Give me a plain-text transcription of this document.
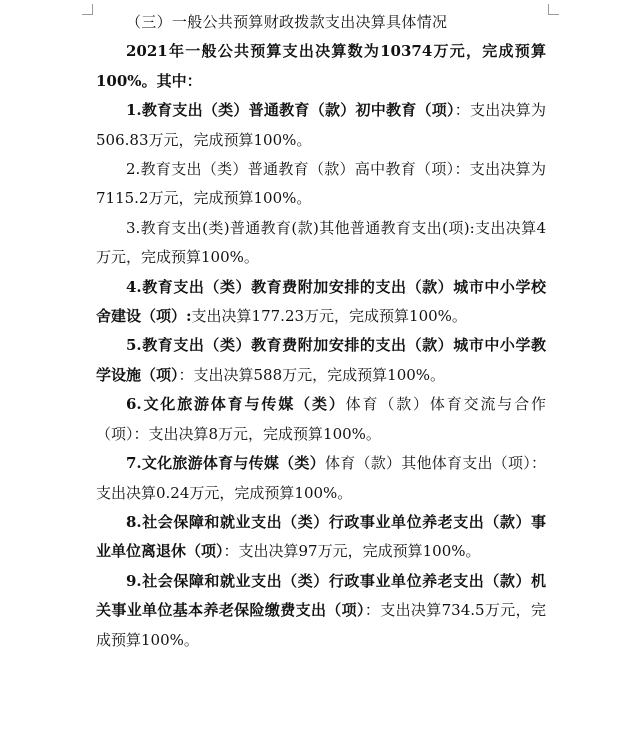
（三）一般公共预算财政拨款支出决算具体情况

2021年一般公共预算支出决算数为10374万元，完成预算100%。其中：

1.教育支出（类）普通教育（款）初中教育（项）：支出决算为506.83万元，完成预算100%。

2.教育支出（类）普通教育（款）高中教育（项）：支出决算为7115.2万元，完成预算100%。

3.教育支出(类)普通教育(款)其他普通教育支出(项):支出决算4万元，完成预算100%。

4.教育支出（类）教育费附加安排的支出（款）城市中小学校舍建设（项）:支出决算177.23万元，完成预算100%。

5.教育支出（类）教育费附加安排的支出（款）城市中小学教学设施（项）：支出决算588万元，完成预算100%。

6.文化旅游体育与传媒（类）体育（款）体育交流与合作（项）：支出决算8万元，完成预算100%。

7.文化旅游体育与传媒（类）体育（款）其他体育支出（项）：支出决算0.24万元，完成预算100%。

8.社会保障和就业支出（类）行政事业单位养老支出（款）事业单位离退休（项）：支出决算97万元，完成预算100%。

9.社会保障和就业支出（类）行政事业单位养老支出（款）机关事业单位基本养老保险缴费支出（项）：支出决算734.5万元，完成预算100%。
